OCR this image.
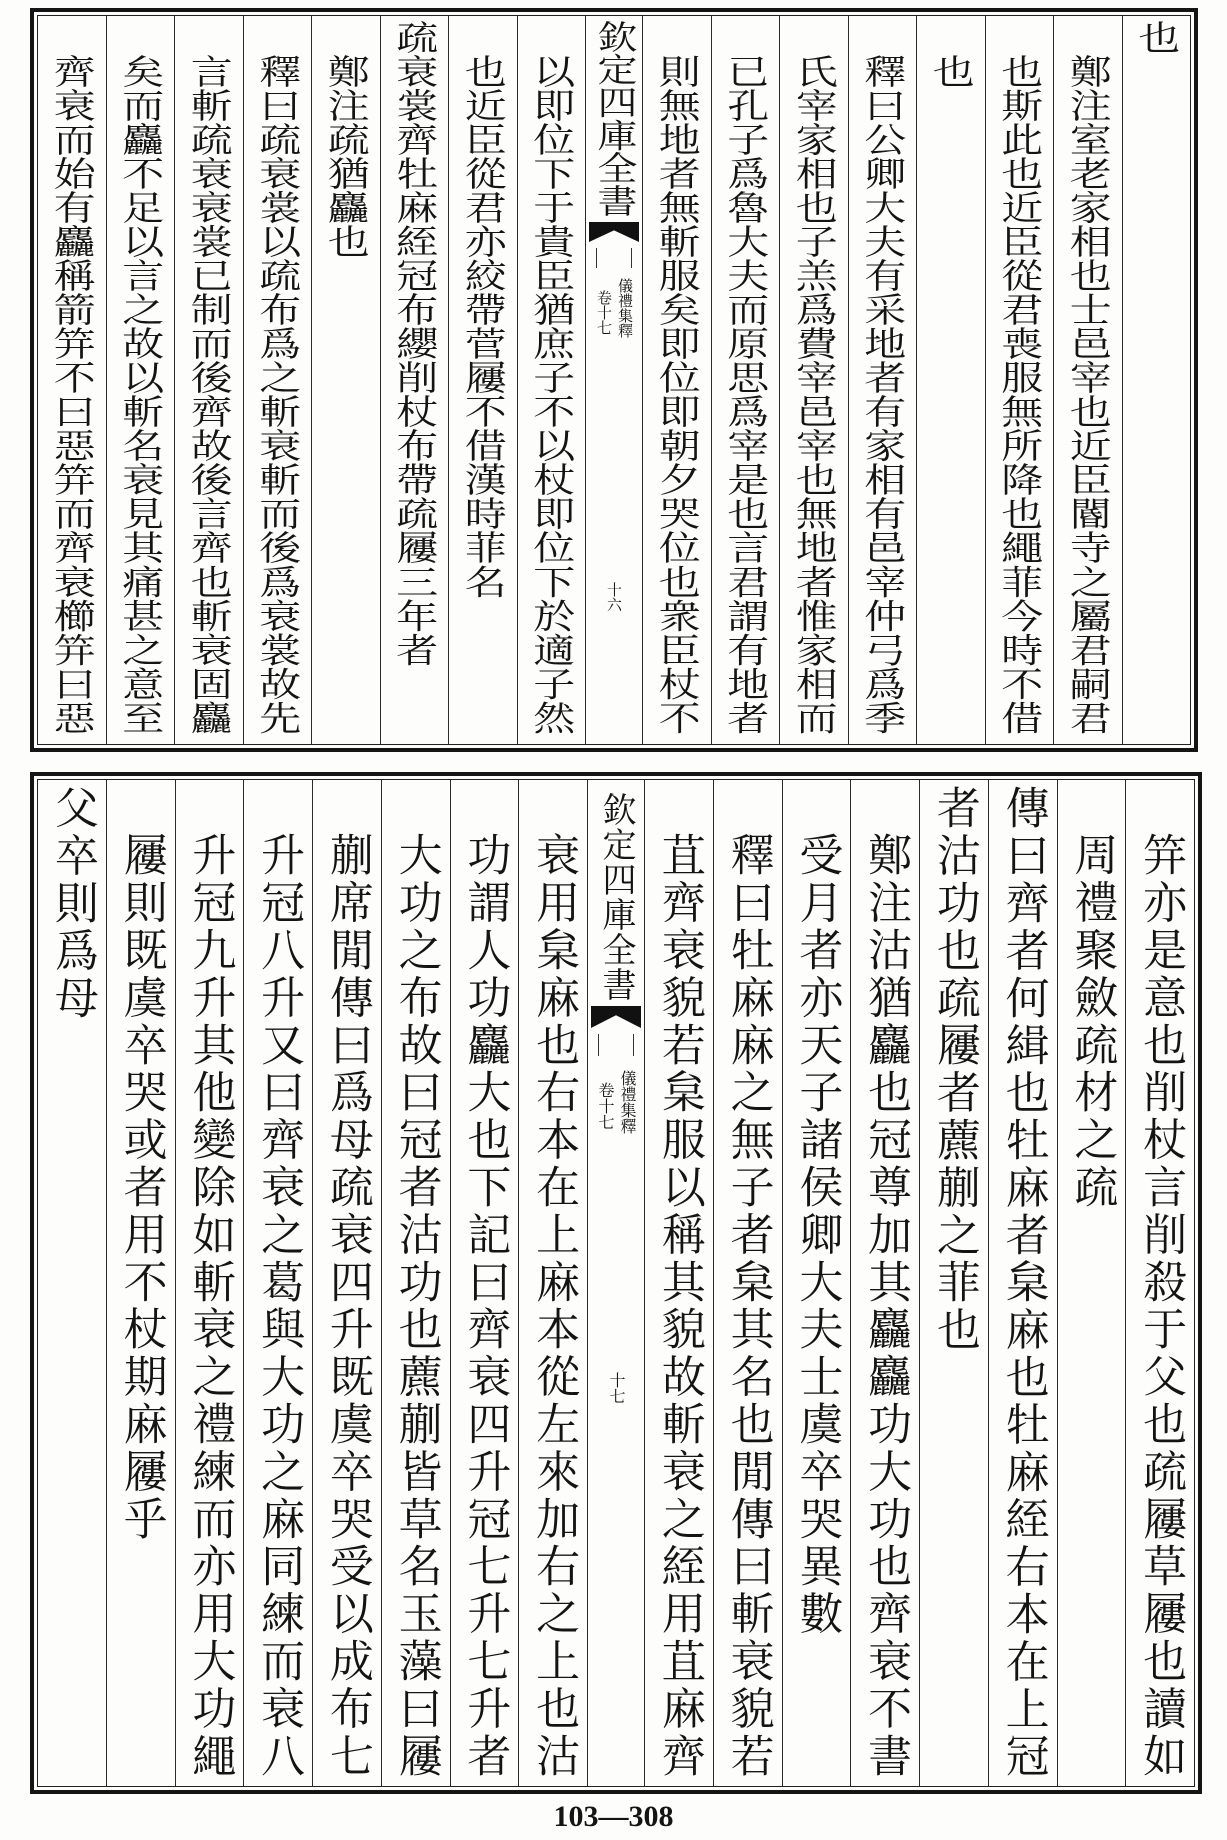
也
鄭注室老家相也士邑宰也近臣閽寺之屬君嗣君
也斯此也近臣從君喪服無所降也繩菲今時不借
也
釋曰公卿大夫有采地者有家相有邑宰仲弓爲季
氏宰家相也子羔爲費宰邑宰也無地者惟家相而
已孔子爲魯大夫而原思爲宰是也言君謂有地者
則無地者無斬服矣即位即朝夕哭位也衆臣杖不
欽定四庫全書
儀禮集釋
卷十七
十六
以即位下于貴臣猶庶子不以杖即位下於適子然
也近臣從君亦絞帶菅屨不借漢時菲名
疏衰裳齊牡麻絰冠布纓削杖布帶疏屨三年者
鄭注疏猶麤也
釋曰疏衰裳以疏布爲之斬衰斬而後爲衰裳故先
言斬疏衰衰裳已制而後齊故後言齊也斬衰固麤
矣而麤不足以言之故以斬名衰見其痛甚之意至
齊衰而始有麤稱箭笄不曰惡笄而齊衰櫛笄曰惡
笄亦是意也削杖言削殺于父也疏屨草屨也讀如
周禮聚斂疏材之疏
傳曰齊者何緝也牡麻者枲麻也牡麻絰右本在上冠
者沽功也疏屨者藨蒯之菲也
鄭注沽猶麤也冠尊加其麤麤功大功也齊衰不書
受月者亦天子諸侯卿大夫士虞卒哭異數
釋曰牡麻麻之無子者枲其名也閒傳曰斬衰貌若
苴齊衰貌若枲服以稱其貌故斬衰之絰用苴麻齊
欽定四庫全書
儀禮集釋
卷十七
十七
衰用枲麻也右本在上麻本從左來加右之上也沽
功謂人功麤大也下記曰齊衰四升冠七升七升者
大功之布故曰冠者沽功也藨蒯皆草名玉藻曰屨
蒯席閒傳曰爲母疏衰四升既虞卒哭受以成布七
升冠八升又曰齊衰之葛與大功之麻同練而衰八
升冠九升其他變除如斬衰之禮練而亦用大功繩
屨則既虞卒哭或者用不杖期麻屨乎
父卒則爲母
103—308
